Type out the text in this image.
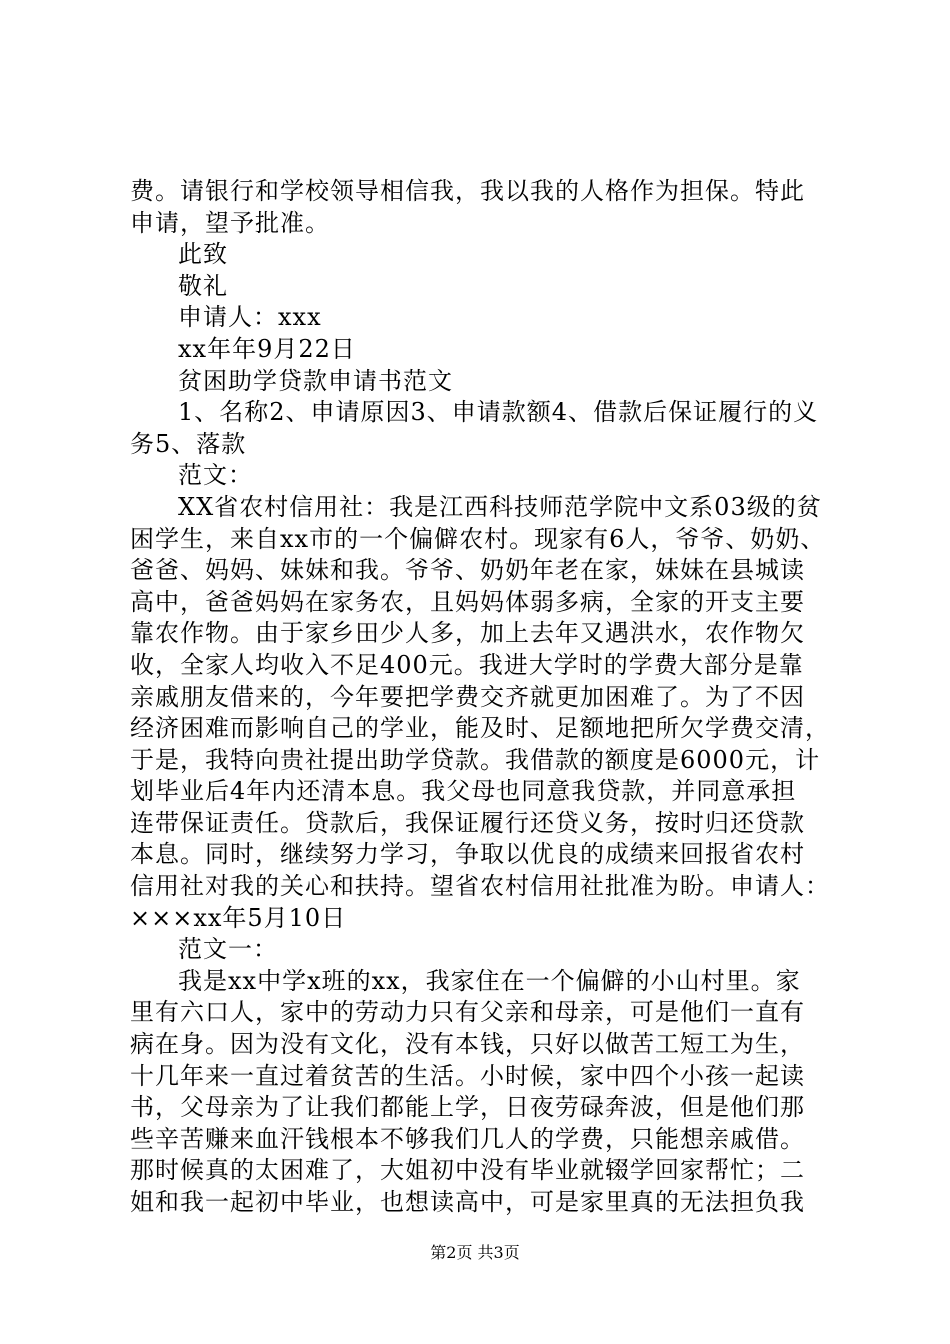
费。请银行和学校领导相信我，我以我的人格作为担保。特此
申请，望予批准。
此致
敬礼
申请人：xxx
xx年年9月22日
贫困助学贷款申请书范文
1、名称2、申请原因3、申请款额4、借款后保证履行的义
务5、落款
范文：
XX省农村信用社：我是江西科技师范学院中文系03级的贫
困学生，来自xx市的一个偏僻农村。现家有6人，爷爷、奶奶、
爸爸、妈妈、妹妹和我。爷爷、奶奶年老在家，妹妹在县城读
高中，爸爸妈妈在家务农，且妈妈体弱多病，全家的开支主要
靠农作物。由于家乡田少人多，加上去年又遇洪水，农作物欠
收，全家人均收入不足400元。我进大学时的学费大部分是靠
亲戚朋友借来的，今年要把学费交齐就更加困难了。为了不因
经济困难而影响自己的学业，能及时、足额地把所欠学费交清，
于是，我特向贵社提出助学贷款。我借款的额度是6000元，计
划毕业后4年内还清本息。我父母也同意我贷款，并同意承担
连带保证责任。贷款后，我保证履行还贷义务，按时归还贷款
本息。同时，继续努力学习，争取以优良的成绩来回报省农村
信用社对我的关心和扶持。望省农村信用社批准为盼。申请人：
×××xx年5月10日
范文一：
我是xx中学x班的xx，我家住在一个偏僻的小山村里。家
里有六口人，家中的劳动力只有父亲和母亲，可是他们一直有
病在身。因为没有文化，没有本钱，只好以做苦工短工为生，
十几年来一直过着贫苦的生活。小时候，家中四个小孩一起读
书，父母亲为了让我们都能上学，日夜劳碌奔波，但是他们那
些辛苦赚来血汗钱根本不够我们几人的学费，只能想亲戚借。
那时候真的太困难了，大姐初中没有毕业就辍学回家帮忙；二
姐和我一起初中毕业，也想读高中，可是家里真的无法担负我
第2页 共3页
